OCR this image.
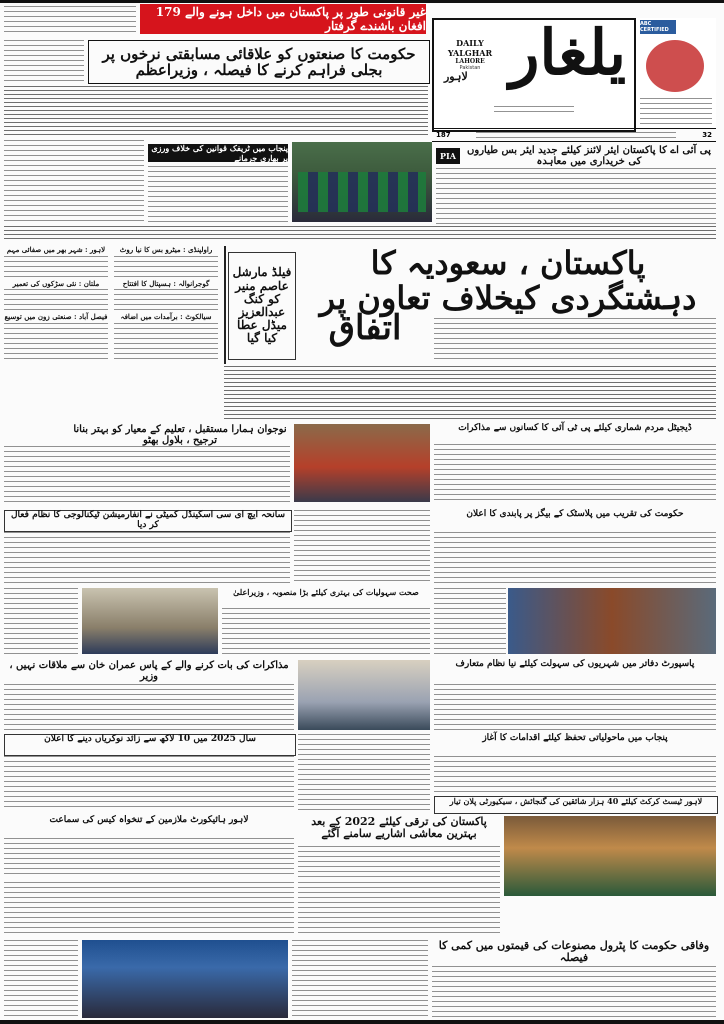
غیر قانونی طور پر پاکستان میں داخل ہونے والے 179 افغان باشندے گرفتار
DAILY YALGHAR
LAHORE
Pakistan یلغار
لاہور
ABC CERTIFIED
187	32
حکومت کا صنعتوں کو علاقائی مسابقتی نرخوں پر بجلی فراہم کرنے کا فیصلہ ، وزیراعظم
پنجاب میں ٹریفک قوانین کی خلاف ورزی پر بھاری جرمانے	PIA	پی آئی اے کا پاکستان ایئر لائنز کیلئے جدید ایئر بس طیاروں کی خریداری میں معاہدہ
پاکستان ، سعودیہ کا دہشتگردی کیخلاف تعاون پر
اتفاق
فیلڈ مارشل عاصم منیر کو کنگ عبدالعزیز میڈل عطا کیا گیا
لاہور : شہر بھر میں صفائی مہم
ملتان : نئی سڑکوں کی تعمیر
فیصل آباد : صنعتی زون میں توسیع
راولپنڈی : میٹرو بس کا نیا روٹ
گوجرانوالہ : ہسپتال کا افتتاح
سیالکوٹ : برآمدات میں اضافہ
نوجوان ہمارا مستقبل ، تعلیم کے معیار کو بہتر بنانا ترجیح ، بلاول بھٹو
ڈیجیٹل مردم شماری کیلئے پی ٹی آئی کا کسانوں سے مذاکرات
سانحہ ایچ ای سی اسکینڈل کمیٹی نے انفارمیشن ٹیکنالوجی کا نظام فعال کر دیا
حکومت کی تقریب میں پلاسٹک کے بیگز پر پابندی کا اعلان
صحت سہولیات کی بہتری کیلئے بڑا منصوبہ ، وزیراعلیٰ
مذاکرات کی بات کرنے والے کے پاس عمران خان سے ملاقات نہیں ، وزیر
پاسپورٹ دفاتر میں شہریوں کی سہولت کیلئے نیا نظام متعارف
سال 2025 میں 10 لاکھ سے زائد نوکریاں دینے کا اعلان	پنجاب میں ماحولیاتی تحفظ کیلئے اقدامات کا آغاز
لاہور ٹیسٹ کرکٹ کیلئے 40 ہزار شائقین کی گنجائش ، سیکیورٹی پلان تیار
لاہور ہائیکورٹ ملازمین کے تنخواہ کیس کی سماعت	پاکستان کی ترقی کیلئے 2022 کے بعد بہترین معاشی اشاریے سامنے آگئے
وفاقی حکومت کا پٹرول مصنوعات کی قیمتوں میں کمی کا فیصلہ
